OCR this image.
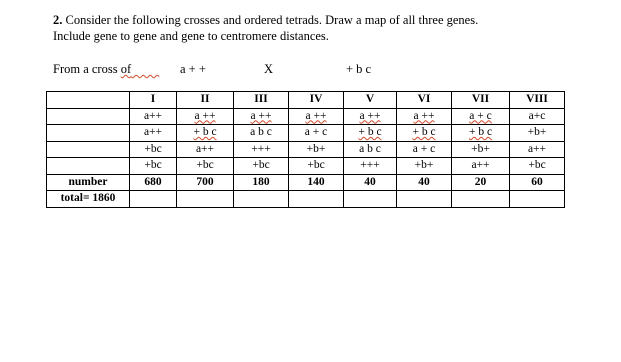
2. Consider the following crosses and ordered tetrads. Draw a map of all three genes.
Include gene to gene and gene to centromere distances.
From a cross of   	a + +	X	+ b c
	I	II	III	IV	V	VI	VII	VIII
	a++	a ++	a ++	a ++	a ++	a ++	a + c	a+c
	a++	+ b c	a b c	a + c	+ b c	+ b c	+ b c	+b+
	+bc	a++	+++	+b+	a b c	a + c	+b+	a++
	+bc	+bc	+bc	+bc	+++	+b+	a++	+bc
number	680	700	180	140	40	40	20	60
total= 1860								
